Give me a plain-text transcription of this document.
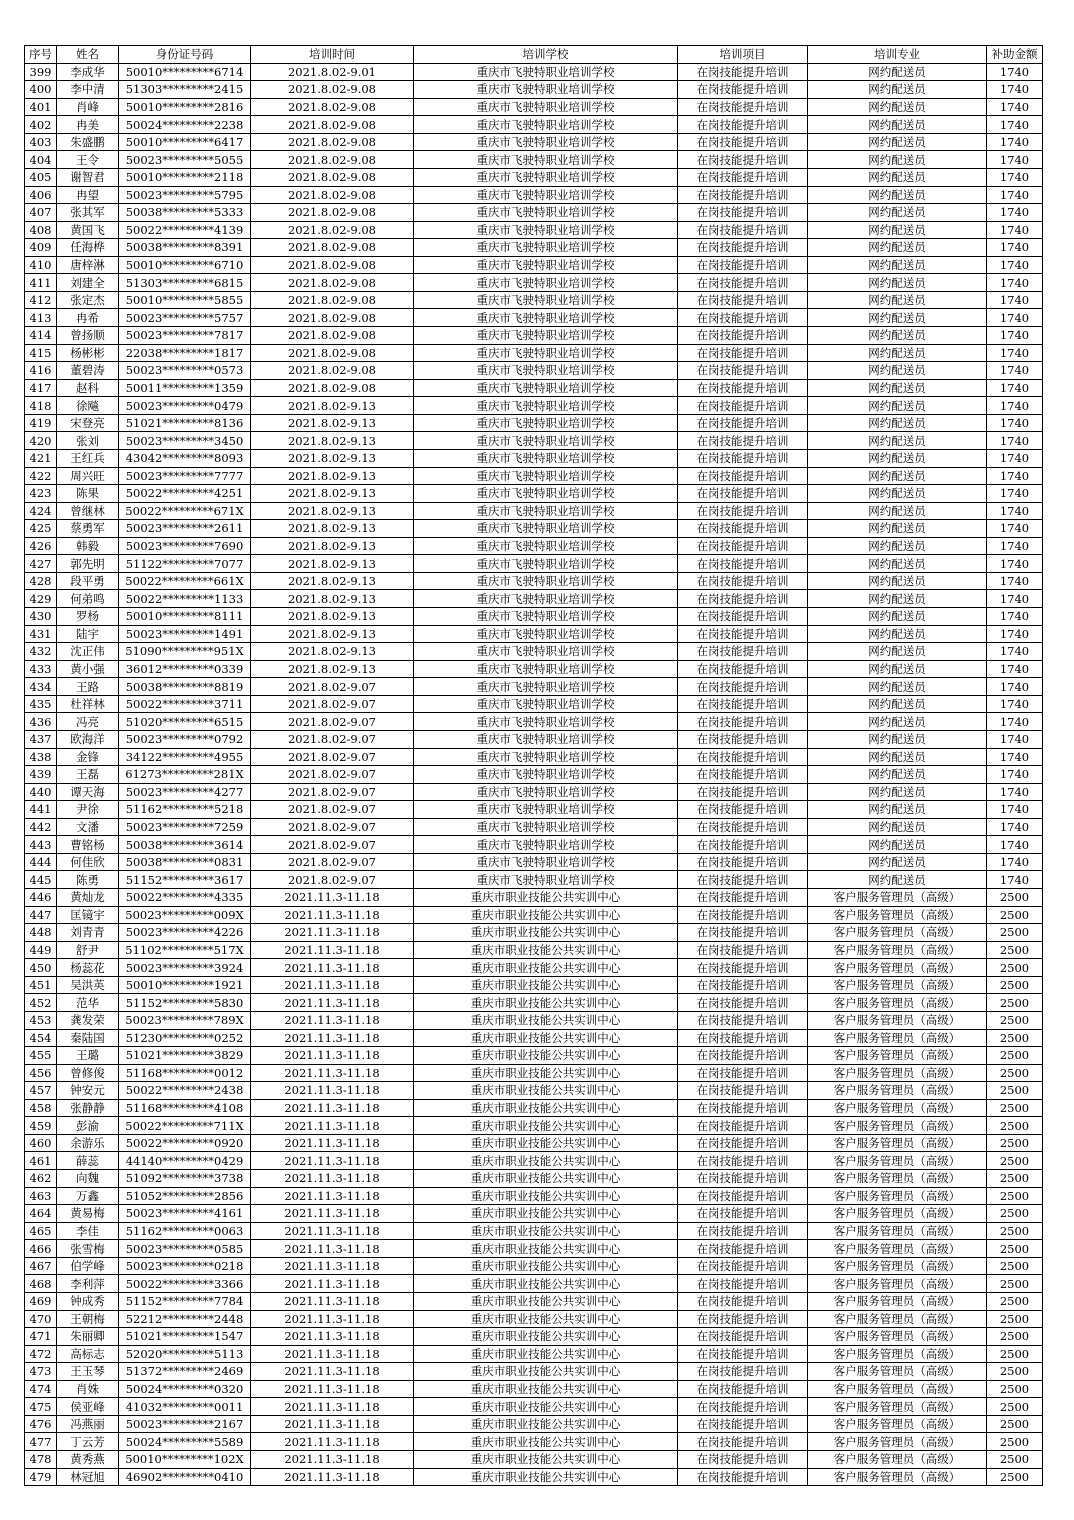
序号	姓名	身份证号码	培训时间	培训学校	培训项目	培训专业	补助金额
399	李成华	50010*********6714	2021.8.02-9.01	重庆市飞驶特职业培训学校	在岗技能提升培训	网约配送员	1740
400	李中清	51303*********2415	2021.8.02-9.08	重庆市飞驶特职业培训学校	在岗技能提升培训	网约配送员	1740
401	肖峰	50010*********2816	2021.8.02-9.08	重庆市飞驶特职业培训学校	在岗技能提升培训	网约配送员	1740
402	冉美	50024*********2238	2021.8.02-9.08	重庆市飞驶特职业培训学校	在岗技能提升培训	网约配送员	1740
403	朱盛鹏	50010*********6417	2021.8.02-9.08	重庆市飞驶特职业培训学校	在岗技能提升培训	网约配送员	1740
404	王令	50023*********5055	2021.8.02-9.08	重庆市飞驶特职业培训学校	在岗技能提升培训	网约配送员	1740
405	谢智君	50010*********2118	2021.8.02-9.08	重庆市飞驶特职业培训学校	在岗技能提升培训	网约配送员	1740
406	冉望	50023*********5795	2021.8.02-9.08	重庆市飞驶特职业培训学校	在岗技能提升培训	网约配送员	1740
407	张其军	50038*********5333	2021.8.02-9.08	重庆市飞驶特职业培训学校	在岗技能提升培训	网约配送员	1740
408	黄国飞	50022*********4139	2021.8.02-9.08	重庆市飞驶特职业培训学校	在岗技能提升培训	网约配送员	1740
409	任海桦	50038*********8391	2021.8.02-9.08	重庆市飞驶特职业培训学校	在岗技能提升培训	网约配送员	1740
410	唐梓淋	50010*********6710	2021.8.02-9.08	重庆市飞驶特职业培训学校	在岗技能提升培训	网约配送员	1740
411	刘建全	51303*********6815	2021.8.02-9.08	重庆市飞驶特职业培训学校	在岗技能提升培训	网约配送员	1740
412	张定杰	50010*********5855	2021.8.02-9.08	重庆市飞驶特职业培训学校	在岗技能提升培训	网约配送员	1740
413	冉希	50023*********5757	2021.8.02-9.08	重庆市飞驶特职业培训学校	在岗技能提升培训	网约配送员	1740
414	曾扬顺	50023*********7817	2021.8.02-9.08	重庆市飞驶特职业培训学校	在岗技能提升培训	网约配送员	1740
415	杨彬彬	22038*********1817	2021.8.02-9.08	重庆市飞驶特职业培训学校	在岗技能提升培训	网约配送员	1740
416	董碧涛	50023*********0573	2021.8.02-9.08	重庆市飞驶特职业培训学校	在岗技能提升培训	网约配送员	1740
417	赵科	50011*********1359	2021.8.02-9.08	重庆市飞驶特职业培训学校	在岗技能提升培训	网约配送员	1740
418	徐飚	50023*********0479	2021.8.02-9.13	重庆市飞驶特职业培训学校	在岗技能提升培训	网约配送员	1740
419	宋登亮	51021*********8136	2021.8.02-9.13	重庆市飞驶特职业培训学校	在岗技能提升培训	网约配送员	1740
420	张刘	50023*********3450	2021.8.02-9.13	重庆市飞驶特职业培训学校	在岗技能提升培训	网约配送员	1740
421	王红兵	43042*********8093	2021.8.02-9.13	重庆市飞驶特职业培训学校	在岗技能提升培训	网约配送员	1740
422	周兴旺	50023*********7777	2021.8.02-9.13	重庆市飞驶特职业培训学校	在岗技能提升培训	网约配送员	1740
423	陈果	50022*********4251	2021.8.02-9.13	重庆市飞驶特职业培训学校	在岗技能提升培训	网约配送员	1740
424	曾继林	50022*********671X	2021.8.02-9.13	重庆市飞驶特职业培训学校	在岗技能提升培训	网约配送员	1740
425	蔡勇军	50023*********2611	2021.8.02-9.13	重庆市飞驶特职业培训学校	在岗技能提升培训	网约配送员	1740
426	韩毅	50023*********7690	2021.8.02-9.13	重庆市飞驶特职业培训学校	在岗技能提升培训	网约配送员	1740
427	郭先明	51122*********7077	2021.8.02-9.13	重庆市飞驶特职业培训学校	在岗技能提升培训	网约配送员	1740
428	段平勇	50022*********661X	2021.8.02-9.13	重庆市飞驶特职业培训学校	在岗技能提升培训	网约配送员	1740
429	何弟鸣	50022*********1133	2021.8.02-9.13	重庆市飞驶特职业培训学校	在岗技能提升培训	网约配送员	1740
430	罗杨	50010*********8111	2021.8.02-9.13	重庆市飞驶特职业培训学校	在岗技能提升培训	网约配送员	1740
431	陆宇	50023*********1491	2021.8.02-9.13	重庆市飞驶特职业培训学校	在岗技能提升培训	网约配送员	1740
432	沈正伟	51090*********951X	2021.8.02-9.13	重庆市飞驶特职业培训学校	在岗技能提升培训	网约配送员	1740
433	黄小强	36012*********0339	2021.8.02-9.13	重庆市飞驶特职业培训学校	在岗技能提升培训	网约配送员	1740
434	王路	50038*********8819	2021.8.02-9.07	重庆市飞驶特职业培训学校	在岗技能提升培训	网约配送员	1740
435	杜祥林	50022*********3711	2021.8.02-9.07	重庆市飞驶特职业培训学校	在岗技能提升培训	网约配送员	1740
436	冯亮	51020*********6515	2021.8.02-9.07	重庆市飞驶特职业培训学校	在岗技能提升培训	网约配送员	1740
437	欧海洋	50023*********0792	2021.8.02-9.07	重庆市飞驶特职业培训学校	在岗技能提升培训	网约配送员	1740
438	金锋	34122*********4955	2021.8.02-9.07	重庆市飞驶特职业培训学校	在岗技能提升培训	网约配送员	1740
439	王磊	61273*********281X	2021.8.02-9.07	重庆市飞驶特职业培训学校	在岗技能提升培训	网约配送员	1740
440	谭天海	50023*********4277	2021.8.02-9.07	重庆市飞驶特职业培训学校	在岗技能提升培训	网约配送员	1740
441	尹徐	51162*********5218	2021.8.02-9.07	重庆市飞驶特职业培训学校	在岗技能提升培训	网约配送员	1740
442	文潘	50023*********7259	2021.8.02-9.07	重庆市飞驶特职业培训学校	在岗技能提升培训	网约配送员	1740
443	曹铭杨	50038*********3614	2021.8.02-9.07	重庆市飞驶特职业培训学校	在岗技能提升培训	网约配送员	1740
444	何佳欣	50038*********0831	2021.8.02-9.07	重庆市飞驶特职业培训学校	在岗技能提升培训	网约配送员	1740
445	陈勇	51152*********3617	2021.8.02-9.07	重庆市飞驶特职业培训学校	在岗技能提升培训	网约配送员	1740
446	黄灿龙	50022*********4335	2021.11.3-11.18	重庆市职业技能公共实训中心	在岗技能提升培训	客户服务管理员（高级）	2500
447	匡镜宇	50023*********009X	2021.11.3-11.18	重庆市职业技能公共实训中心	在岗技能提升培训	客户服务管理员（高级）	2500
448	刘青青	50023*********4226	2021.11.3-11.18	重庆市职业技能公共实训中心	在岗技能提升培训	客户服务管理员（高级）	2500
449	舒尹	51102*********517X	2021.11.3-11.18	重庆市职业技能公共实训中心	在岗技能提升培训	客户服务管理员（高级）	2500
450	杨蕊花	50023*********3924	2021.11.3-11.18	重庆市职业技能公共实训中心	在岗技能提升培训	客户服务管理员（高级）	2500
451	吴洪英	50010*********1921	2021.11.3-11.18	重庆市职业技能公共实训中心	在岗技能提升培训	客户服务管理员（高级）	2500
452	范华	51152*********5830	2021.11.3-11.18	重庆市职业技能公共实训中心	在岗技能提升培训	客户服务管理员（高级）	2500
453	龚发荣	50023*********789X	2021.11.3-11.18	重庆市职业技能公共实训中心	在岗技能提升培训	客户服务管理员（高级）	2500
454	秦陆国	51230*********0252	2021.11.3-11.18	重庆市职业技能公共实训中心	在岗技能提升培训	客户服务管理员（高级）	2500
455	王璐	51021*********3829	2021.11.3-11.18	重庆市职业技能公共实训中心	在岗技能提升培训	客户服务管理员（高级）	2500
456	曾修俊	51168*********0012	2021.11.3-11.18	重庆市职业技能公共实训中心	在岗技能提升培训	客户服务管理员（高级）	2500
457	钟安元	50022*********2438	2021.11.3-11.18	重庆市职业技能公共实训中心	在岗技能提升培训	客户服务管理员（高级）	2500
458	张静静	51168*********4108	2021.11.3-11.18	重庆市职业技能公共实训中心	在岗技能提升培训	客户服务管理员（高级）	2500
459	彭渝	50022*********711X	2021.11.3-11.18	重庆市职业技能公共实训中心	在岗技能提升培训	客户服务管理员（高级）	2500
460	余游乐	50022*********0920	2021.11.3-11.18	重庆市职业技能公共实训中心	在岗技能提升培训	客户服务管理员（高级）	2500
461	薛蕊	44140*********0429	2021.11.3-11.18	重庆市职业技能公共实训中心	在岗技能提升培训	客户服务管理员（高级）	2500
462	向魏	51092*********3738	2021.11.3-11.18	重庆市职业技能公共实训中心	在岗技能提升培训	客户服务管理员（高级）	2500
463	万鑫	51052*********2856	2021.11.3-11.18	重庆市职业技能公共实训中心	在岗技能提升培训	客户服务管理员（高级）	2500
464	黄易梅	50023*********4161	2021.11.3-11.18	重庆市职业技能公共实训中心	在岗技能提升培训	客户服务管理员（高级）	2500
465	李佳	51162*********0063	2021.11.3-11.18	重庆市职业技能公共实训中心	在岗技能提升培训	客户服务管理员（高级）	2500
466	张雪梅	50023*********0585	2021.11.3-11.18	重庆市职业技能公共实训中心	在岗技能提升培训	客户服务管理员（高级）	2500
467	伯学峰	50023*********0218	2021.11.3-11.18	重庆市职业技能公共实训中心	在岗技能提升培训	客户服务管理员（高级）	2500
468	李利萍	50022*********3366	2021.11.3-11.18	重庆市职业技能公共实训中心	在岗技能提升培训	客户服务管理员（高级）	2500
469	钟成秀	51152*********7784	2021.11.3-11.18	重庆市职业技能公共实训中心	在岗技能提升培训	客户服务管理员（高级）	2500
470	王朝梅	52212*********2448	2021.11.3-11.18	重庆市职业技能公共实训中心	在岗技能提升培训	客户服务管理员（高级）	2500
471	朱丽卿	51021*********1547	2021.11.3-11.18	重庆市职业技能公共实训中心	在岗技能提升培训	客户服务管理员（高级）	2500
472	高标志	52020*********5113	2021.11.3-11.18	重庆市职业技能公共实训中心	在岗技能提升培训	客户服务管理员（高级）	2500
473	王玉琴	51372*********2469	2021.11.3-11.18	重庆市职业技能公共实训中心	在岗技能提升培训	客户服务管理员（高级）	2500
474	肖姝	50024*********0320	2021.11.3-11.18	重庆市职业技能公共实训中心	在岗技能提升培训	客户服务管理员（高级）	2500
475	侯亚峰	41032*********0011	2021.11.3-11.18	重庆市职业技能公共实训中心	在岗技能提升培训	客户服务管理员（高级）	2500
476	冯燕丽	50023*********2167	2021.11.3-11.18	重庆市职业技能公共实训中心	在岗技能提升培训	客户服务管理员（高级）	2500
477	丁云芳	50024*********5589	2021.11.3-11.18	重庆市职业技能公共实训中心	在岗技能提升培训	客户服务管理员（高级）	2500
478	黄秀燕	50010*********102X	2021.11.3-11.18	重庆市职业技能公共实训中心	在岗技能提升培训	客户服务管理员（高级）	2500
479	林冠旭	46902*********0410	2021.11.3-11.18	重庆市职业技能公共实训中心	在岗技能提升培训	客户服务管理员（高级）	2500
